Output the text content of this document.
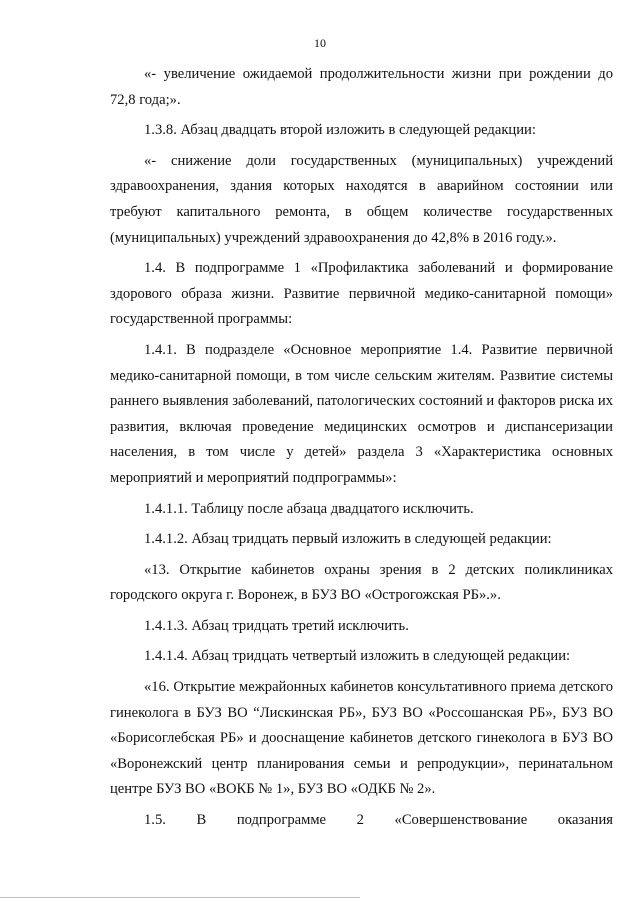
10

«- увеличение ожидаемой продолжительности жизни при рождении до 72,8 года;».

1.3.8. Абзац двадцать второй изложить в следующей редакции:

«- снижение доли государственных (муниципальных) учреждений здравоохранения, здания которых находятся в аварийном состоянии или требуют капитального ремонта, в общем количестве государственных (муниципальных) учреждений здравоохранения до 42,8% в 2016 году.».

1.4. В подпрограмме 1 «Профилактика заболеваний и формирование здорового образа жизни. Развитие первичной медико-санитарной помощи» государственной программы:

1.4.1. В подразделе «Основное мероприятие 1.4. Развитие первичной медико-санитарной помощи, в том числе сельским жителям. Развитие системы раннего выявления заболеваний, патологических состояний и факторов риска их развития, включая проведение медицинских осмотров и диспансеризации населения, в том числе у детей» раздела 3 «Характеристика основных мероприятий и мероприятий подпрограммы»:

1.4.1.1. Таблицу после абзаца двадцатого исключить.

1.4.1.2. Абзац тридцать первый изложить в следующей редакции:

«13. Открытие кабинетов охраны зрения в 2 детских поликлиниках городского округа г. Воронеж, в БУЗ ВО «Острогожская РБ».».

1.4.1.3. Абзац тридцать третий исключить.

1.4.1.4. Абзац тридцать четвертый изложить в следующей редакции:

«16. Открытие межрайонных кабинетов консультативного приема детского гинеколога в БУЗ ВО “Лискинская РБ», БУЗ ВО «Россошанская РБ», БУЗ ВО «Борисоглебская РБ» и дооснащение кабинетов детского гинеколога в БУЗ ВО «Воронежский центр планирования семьи и репродукции», перинатальном центре БУЗ ВО «ВОКБ № 1», БУЗ ВО «ОДКБ № 2».

1.5. В подпрограмме 2 «Совершенствование оказания
